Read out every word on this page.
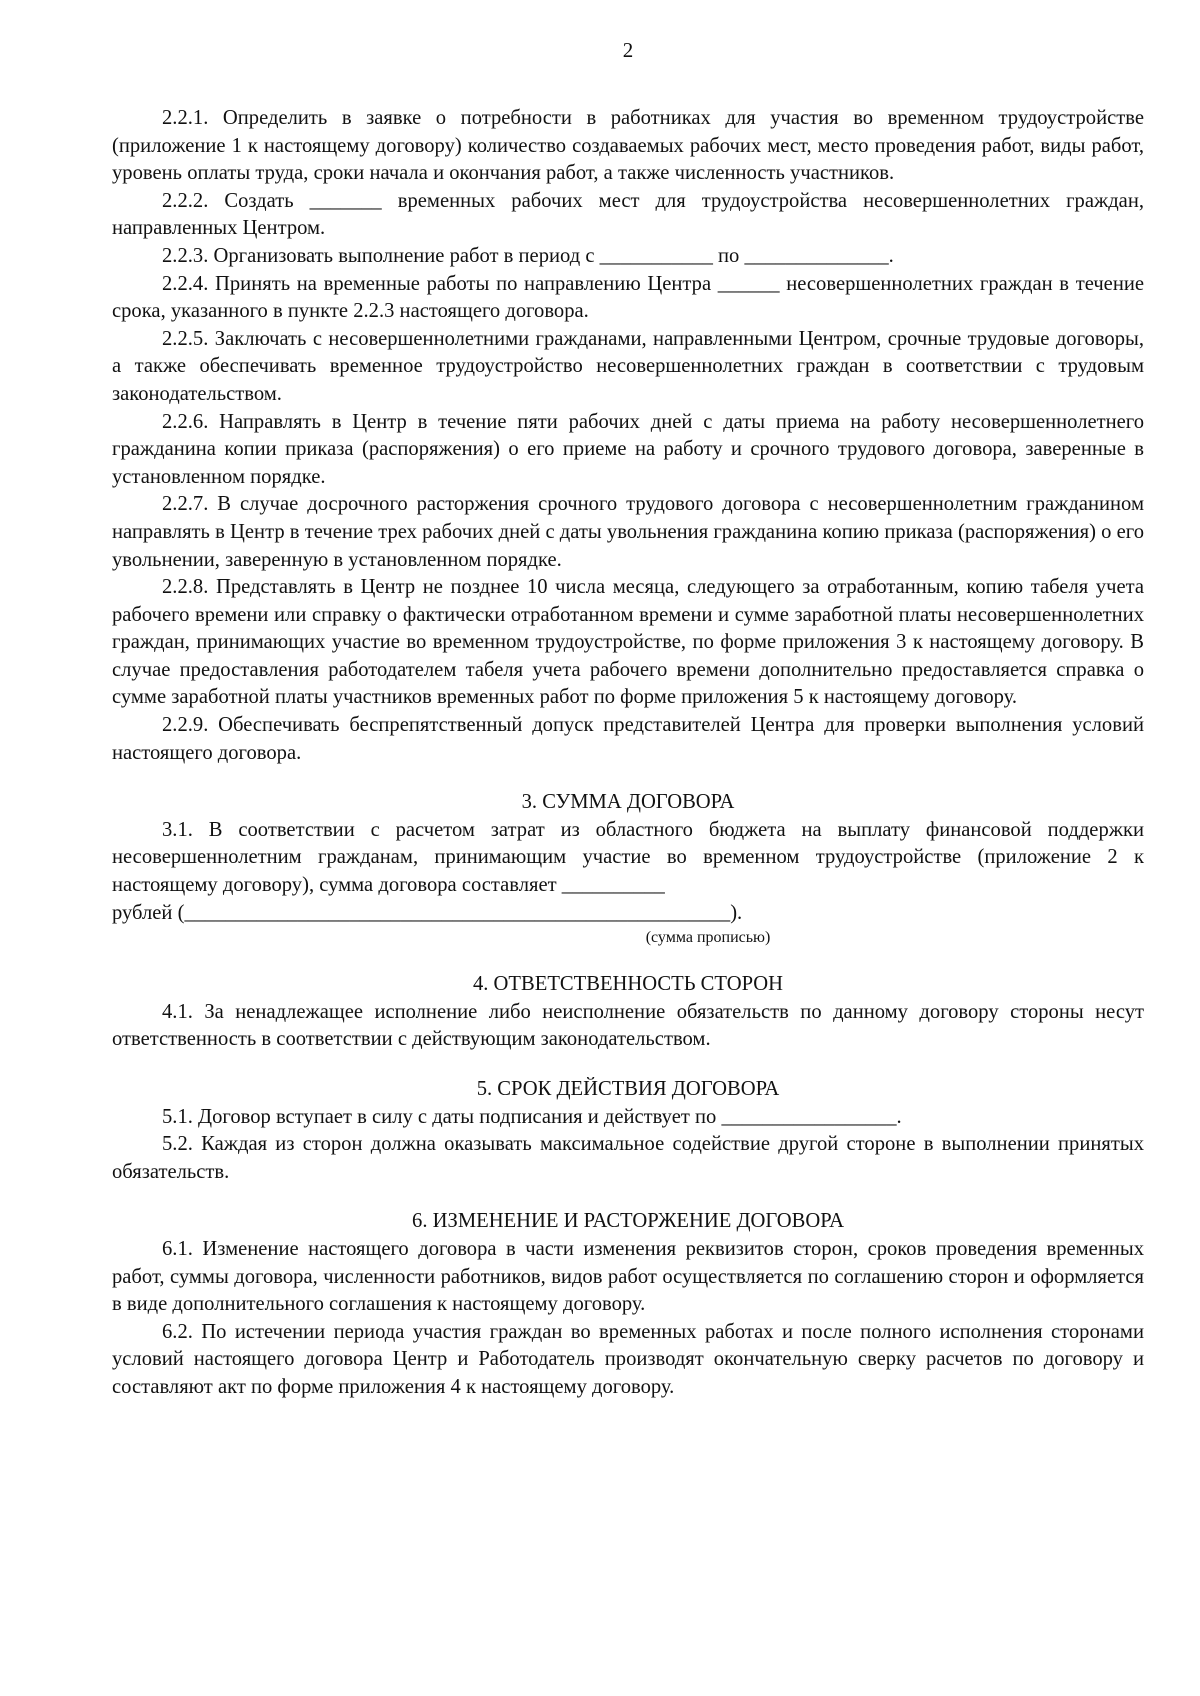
2

2.2.1. Определить в заявке о потребности в работниках для участия во временном трудоустройстве (приложение 1 к настоящему договору) количество создаваемых рабочих мест, место проведения работ, виды работ, уровень оплаты труда, сроки начала и окончания работ, а также численность участников.

2.2.2. Создать _______ временных рабочих мест для трудоустройства несовершеннолетних граждан, направленных Центром.

2.2.3. Организовать выполнение работ в период с ___________ по ______________.

2.2.4. Принять на временные работы по направлению Центра ______ несовершеннолетних граждан в течение срока, указанного в пункте 2.2.3 настоящего договора.

2.2.5. Заключать с несовершеннолетними гражданами, направленными Центром, срочные трудовые договоры, а также обеспечивать временное трудоустройство несовершеннолетних граждан в соответствии с трудовым законодательством.

2.2.6. Направлять в Центр в течение пяти рабочих дней с даты приема на работу несовершеннолетнего гражданина копии приказа (распоряжения) о его приеме на работу и срочного трудового договора, заверенные в установленном порядке.

2.2.7. В случае досрочного расторжения срочного трудового договора с несовершеннолетним гражданином направлять в Центр в течение трех рабочих дней с даты увольнения гражданина копию приказа (распоряжения) о его увольнении, заверенную в установленном порядке.

2.2.8. Представлять в Центр не позднее 10 числа месяца, следующего за отработанным, копию табеля учета рабочего времени или справку о фактически отработанном времени и сумме заработной платы несовершеннолетних граждан, принимающих участие во временном трудоустройстве, по форме приложения 3 к настоящему договору. В случае предоставления работодателем табеля учета рабочего времени дополнительно предоставляется справка о сумме заработной платы участников временных работ по форме приложения 5 к настоящему договору.

2.2.9. Обеспечивать беспрепятственный допуск представителей Центра для проверки выполнения условий настоящего договора.

3. СУММА ДОГОВОРА

3.1. В соответствии с расчетом затрат из областного бюджета на выплату финансовой поддержки несовершеннолетним гражданам, принимающим участие во временном трудоустройстве (приложение 2 к настоящему договору), сумма договора составляет __________

рублей (_____________________________________________________).

(сумма прописью)
4. ОТВЕТСТВЕННОСТЬ СТОРОН

4.1. За ненадлежащее исполнение либо неисполнение обязательств по данному договору стороны несут ответственность в соответствии с действующим законодательством.

5. СРОК ДЕЙСТВИЯ ДОГОВОРА

5.1. Договор вступает в силу с даты подписания и действует по _________________.

5.2. Каждая из сторон должна оказывать максимальное содействие другой стороне в выполнении принятых обязательств.

6. ИЗМЕНЕНИЕ И РАСТОРЖЕНИЕ ДОГОВОРА

6.1. Изменение настоящего договора в части изменения реквизитов сторон, сроков проведения временных работ, суммы договора, численности работников, видов работ осуществляется по соглашению сторон и оформляется в виде дополнительного соглашения к настоящему договору.

6.2. По истечении периода участия граждан во временных работах и после полного исполнения сторонами условий настоящего договора Центр и Работодатель производят окончательную сверку расчетов по договору и составляют акт по форме приложения 4 к настоящему договору.
